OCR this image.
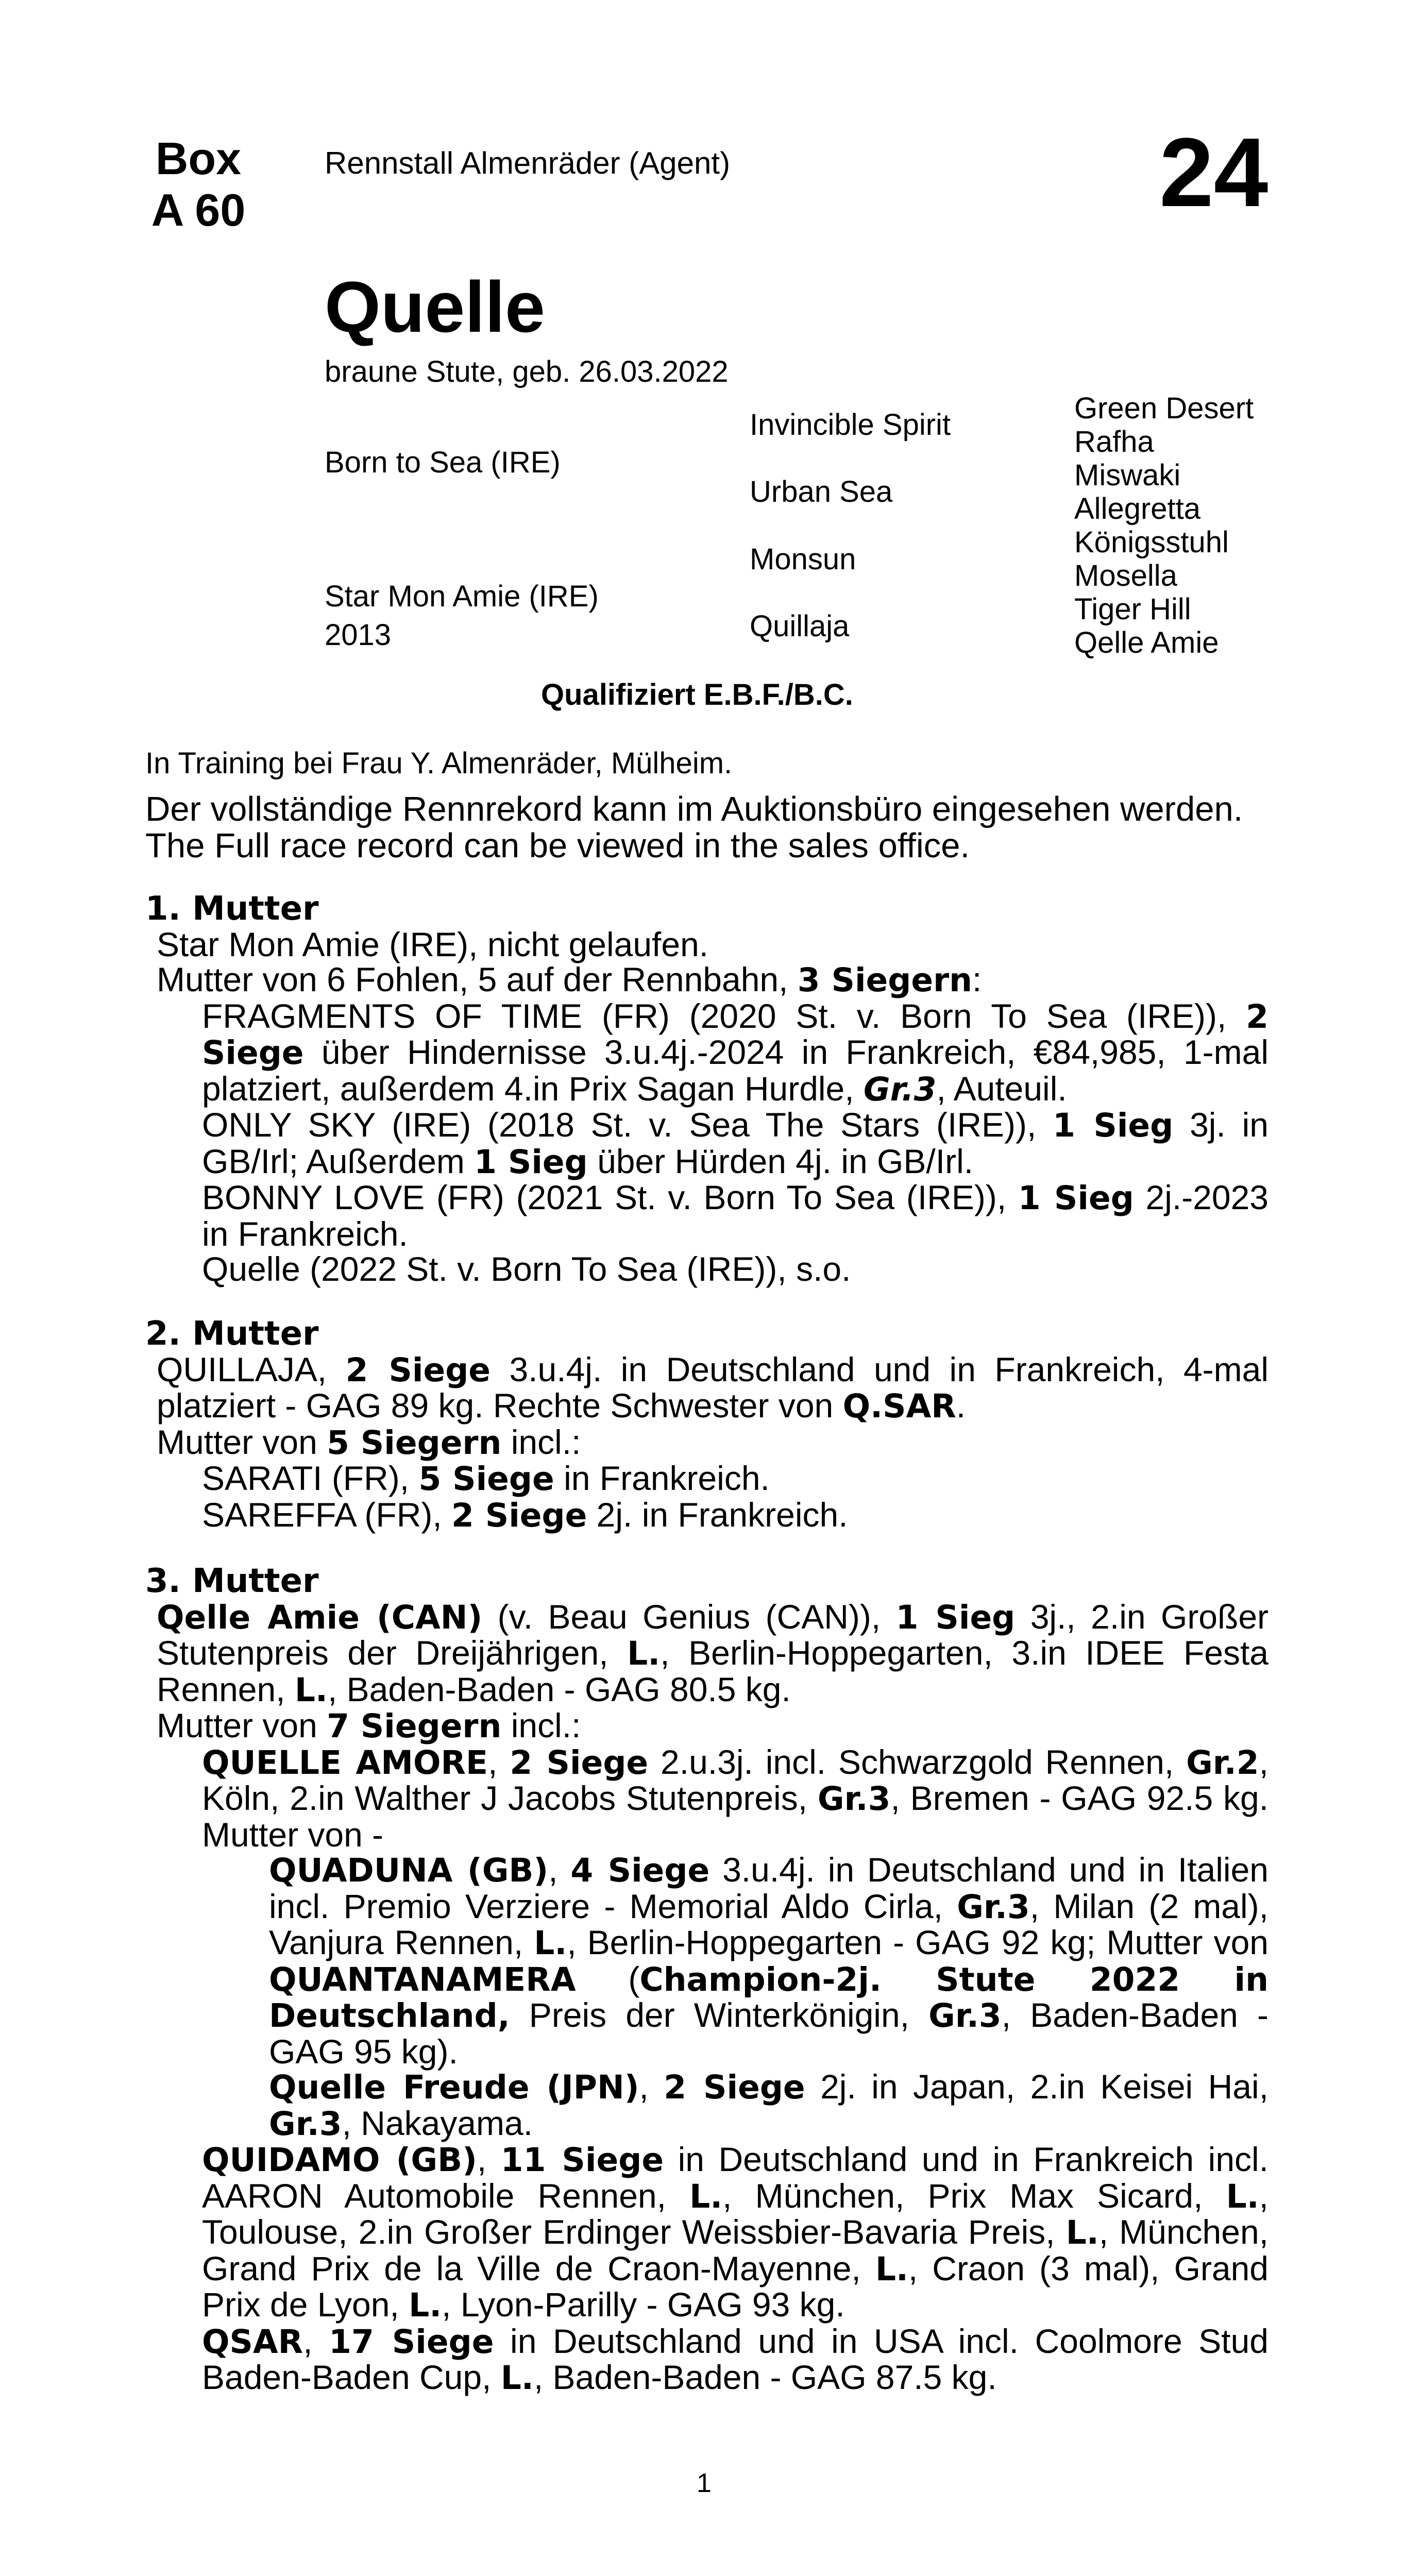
Box
A 60
Rennstall Almenräder (Agent)	24
Quelle
braune Stute, geb. 26.03.2022
Born to Sea (IRE)
Star Mon Amie (IRE)
2013
Invincible Spirit
Urban Sea
Monsun
Quillaja
Green Desert
Rafha
Miswaki
Allegretta
Königsstuhl
Mosella
Tiger Hill
Qelle Amie
Qualifiziert E.B.F./B.C.
In Training bei Frau Y. Almenräder, Mülheim.
Der vollständige Rennrekord kann im Auktionsbüro eingesehen werden.
The Full race record can be viewed in the sales office.

1. Mutter

Star Mon Amie (IRE), nicht gelaufen.

Mutter von 6 Fohlen, 5 auf der Rennbahn, 3 Siegern:

FRAGMENTS OF TIME (FR) (2020 St. v. Born To Sea (IRE)), 2 Siege über Hindernisse 3.u.4j.-2024 in Frankreich, €84,985, 1-mal platziert, außerdem 4.in Prix Sagan Hurdle, Gr.3, Auteuil.

ONLY SKY (IRE) (2018 St. v. Sea The Stars (IRE)), 1 Sieg 3j. in GB/Irl; Außerdem 1 Sieg über Hürden 4j. in GB/Irl.

BONNY LOVE (FR) (2021 St. v. Born To Sea (IRE)), 1 Sieg 2j.-2023 in Frankreich.

Quelle (2022 St. v. Born To Sea (IRE)), s.o.

2. Mutter

QUILLAJA, 2 Siege 3.u.4j. in Deutschland und in Frankreich, 4-mal platziert - GAG 89 kg. Rechte Schwester von Q.SAR.

Mutter von 5 Siegern incl.:

SARATI (FR), 5 Siege in Frankreich.

SAREFFA (FR), 2 Siege 2j. in Frankreich.

3. Mutter

Qelle Amie (CAN) (v. Beau Genius (CAN)), 1 Sieg 3j., 2.in Großer Stutenpreis der Dreijährigen, L., Berlin-Hoppegarten, 3.in IDEE Festa Rennen, L., Baden-Baden - GAG 80.5 kg.

Mutter von 7 Siegern incl.:

QUELLE AMORE, 2 Siege 2.u.3j. incl. Schwarzgold Rennen, Gr.2, Köln, 2.in Walther J Jacobs Stutenpreis, Gr.3, Bremen - GAG 92.5 kg. Mutter von -

QUADUNA (GB), 4 Siege 3.u.4j. in Deutschland und in Italien incl. Premio Verziere - Memorial Aldo Cirla, Gr.3, Milan (2 mal), Vanjura Rennen, L., Berlin-Hoppegarten - GAG 92 kg; Mutter von QUANTANAMERA (Champion-2j. Stute 2022 in Deutschland, Preis der Winterkönigin, Gr.3, Baden-Baden - GAG 95 kg).

Quelle Freude (JPN), 2 Siege 2j. in Japan, 2.in Keisei Hai, Gr.3, Nakayama.

QUIDAMO (GB), 11 Siege in Deutschland und in Frankreich incl. AARON Automobile Rennen, L., München, Prix Max Sicard, L., Toulouse, 2.in Großer Erdinger Weissbier-Bavaria Preis, L., München, Grand Prix de la Ville de Craon-Mayenne, L., Craon (3 mal), Grand Prix de Lyon, L., Lyon-Parilly - GAG 93 kg.

QSAR, 17 Siege in Deutschland und in USA incl. Coolmore Stud Baden-Baden Cup, L., Baden-Baden - GAG 87.5 kg.

1
